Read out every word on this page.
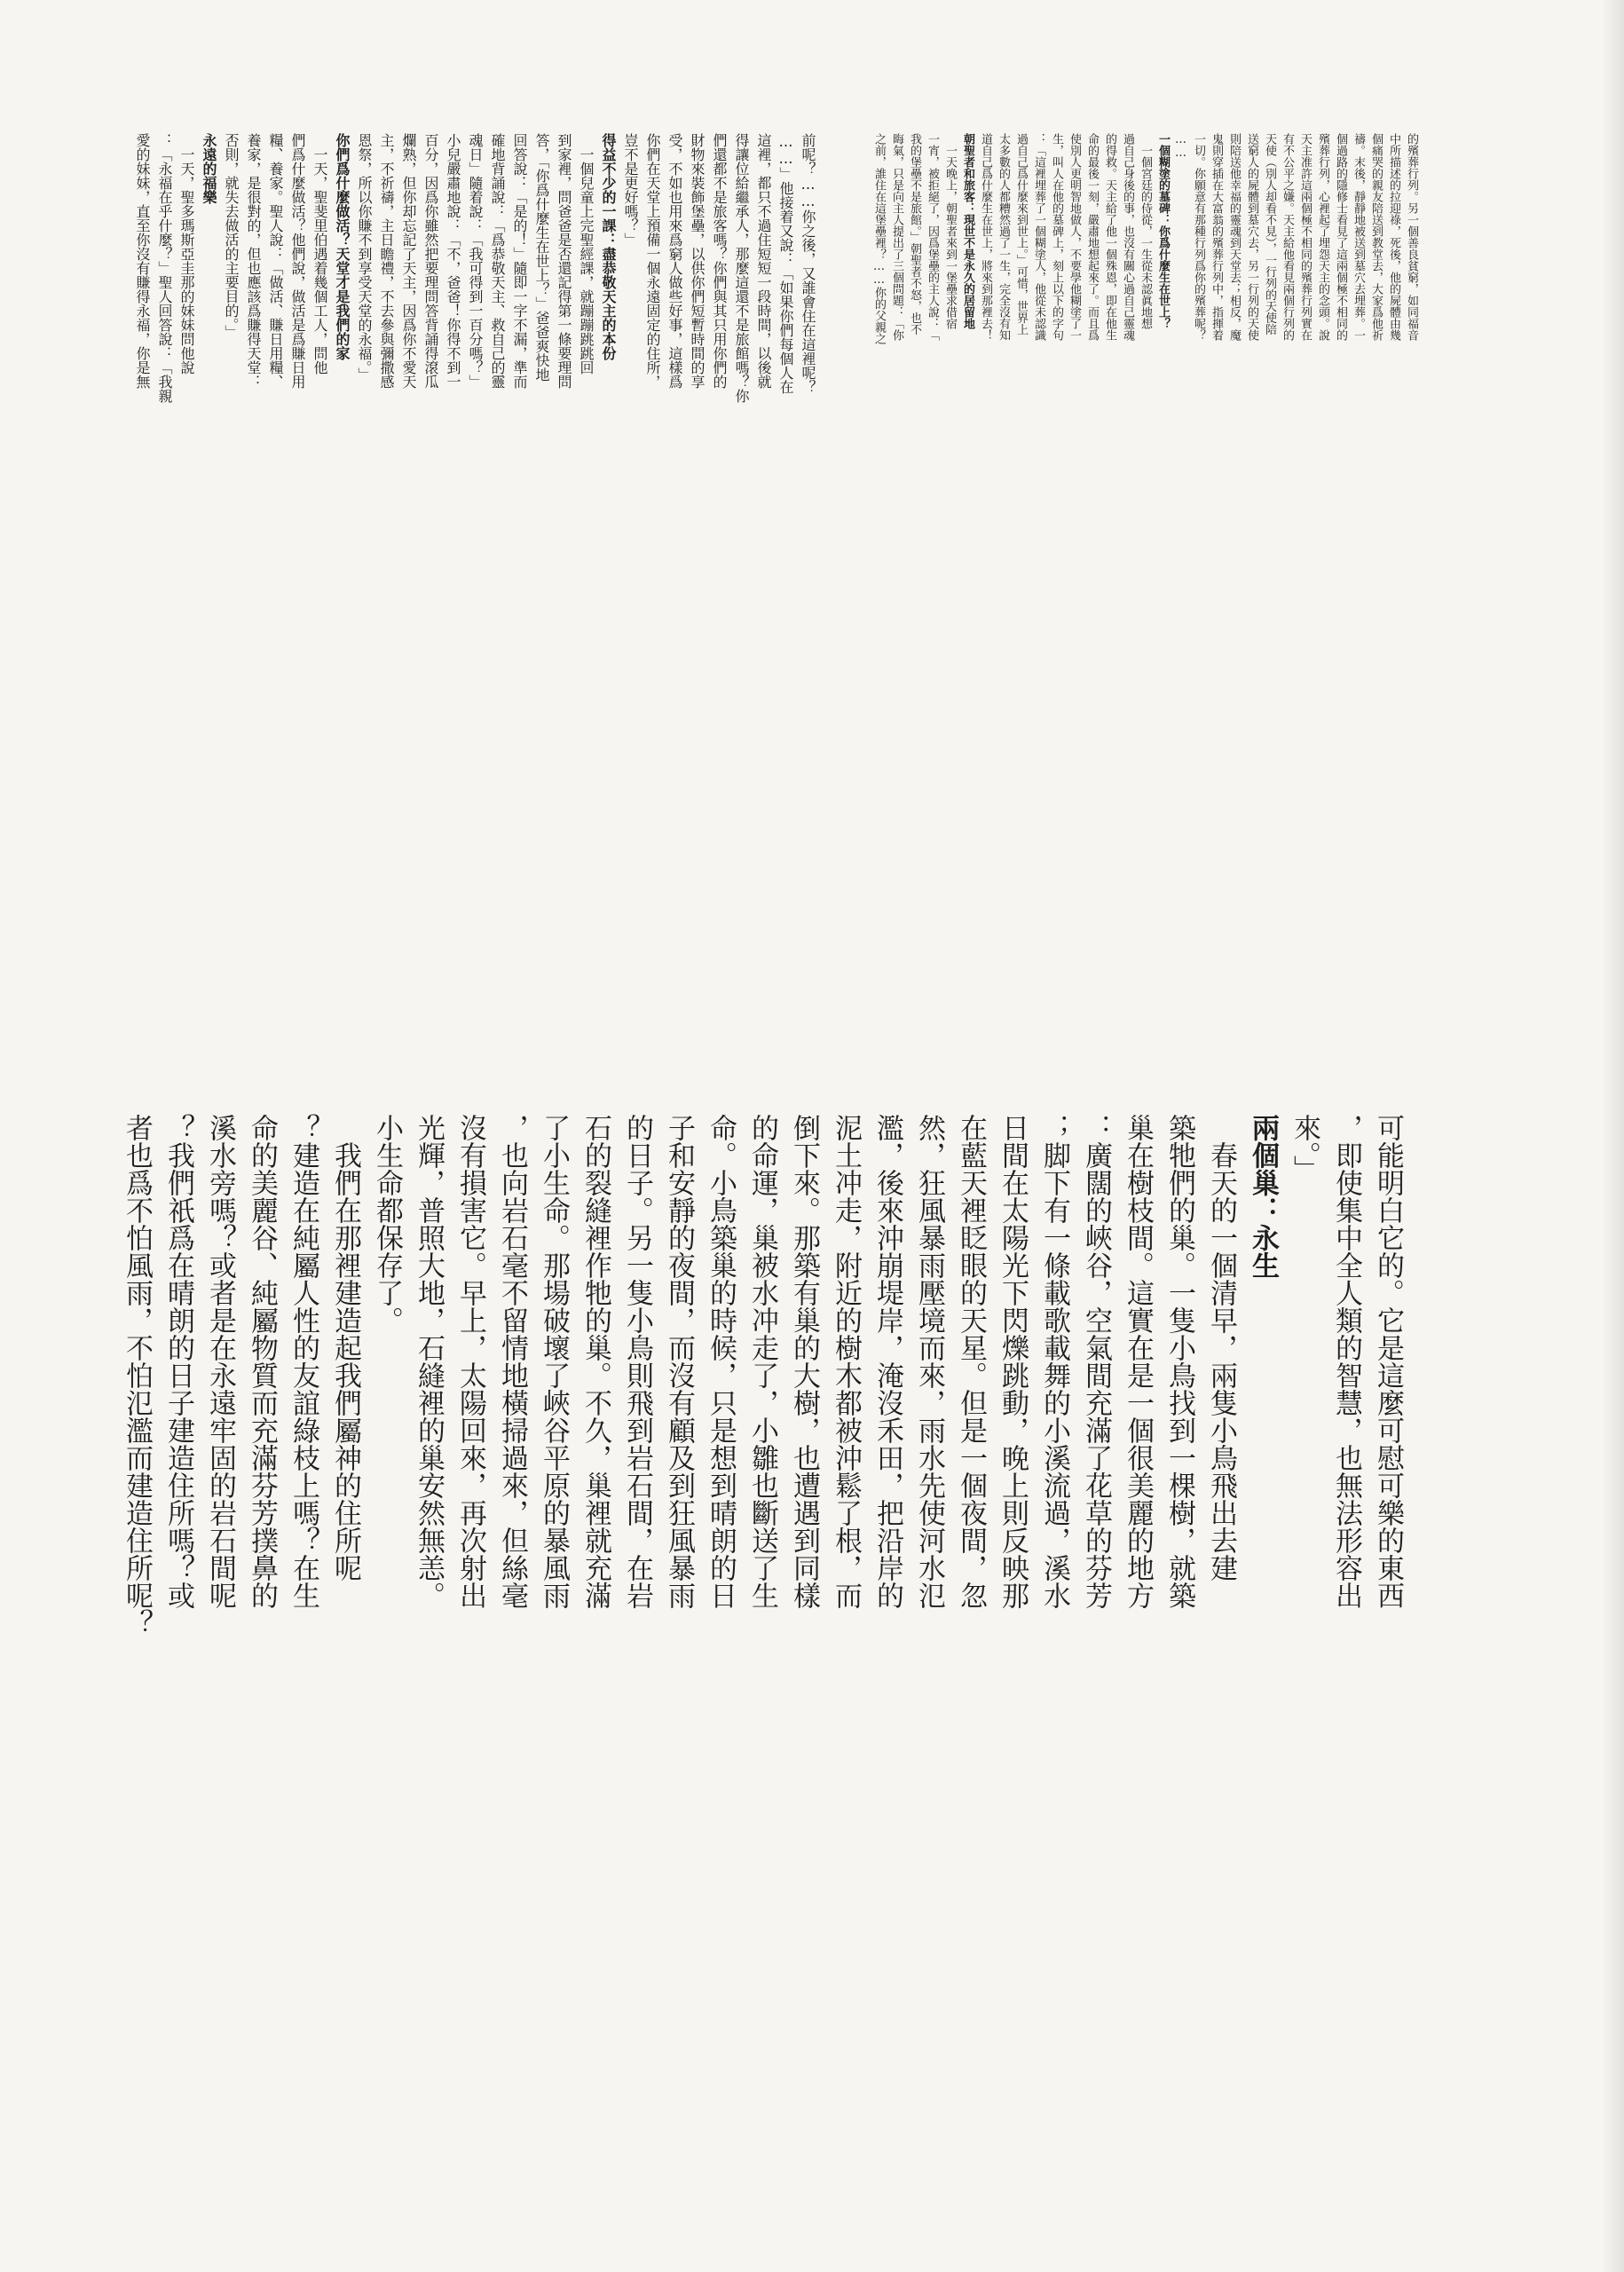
前呢？……你之後，又誰會住在這裡呢？
……」他接着又說：「如果你們每個人在
這裡，都只不過住短短一段時間，以後就
得讓位給繼承人，那麼這還不是旅館嗎？你
們還都不是旅客嗎？你們與其只用你們的
財物來裝飾堡壘，以供你們短暫時間的享
受，不如也用來爲窮人做些好事，這樣爲
你們在天堂上預備一個永遠固定的住所，
豈不是更好嗎？」
得益不少的一課：盡恭敬天主的本份
一個兒童上完聖經課，就蹦蹦跳跳回
到家裡，問爸爸是否還記得第一條要理問
答，「你爲什麼生在世上？」爸爸爽快地
回答說：「是的！」隨即一字不漏，準而
確地背誦說：「爲恭敬天主、救自己的靈
魂日」隨着說：「我可得到一百分嗎？」
小兒嚴肅地說：「不，爸爸！你得不到一
百分，因爲你雖然把要理問答背誦得滾瓜
爛熟，但你却忘記了天主，因爲你不愛天
主，不祈禱，主日瞻禮，不去參與彌撒感
恩祭，所以你賺不到享受天堂的永福。」
你們爲什麼做活？天堂才是我們的家
一天，聖斐里伯遇着幾個工人，問他
們爲什麼做活？他們說，做活是爲賺日用
糧、養家。聖人說：「做活、賺日用糧、
養家，是很對的，但也應該爲賺得天堂：
否則，就失去做活的主要目的。」
永遠的福樂
一天，聖多瑪斯亞圭那的妹妹問他說
：「永福在乎什麼？」聖人回答說：「我親
愛的妹妹，直至你沒有賺得永福，你是無	的殯葬行列。另一個善良貧窮，如同福音
中所描述的拉迎祿，死後，他的屍體由幾
個痛哭的親友陪送到教堂去，大家爲他祈
禱。末後，靜靜地被送到墓穴去埋葬。一
個過路的隱修士看見了這兩個極不相同的
殯葬行列，心裡起了埋怨天主的念頭。說
天主准許這兩個極不相同的殯葬行列實在
有不公平之嫌。天主給他看見兩個行列的
天使（別人却看不見），一行列的天使陪
送窮人的屍體到墓穴去，另一行列的天使
則陪送他幸福的靈魂到天堂去；相反，魔
鬼則穿插在大富翁的殯葬行列中，指揮着
一切。你願意有那種行列爲你的殯葬呢？
……
一個糊塗的墓碑：你爲什麼生在世上？
一個宮廷的侍從，一生從未認眞地想
過自己身後的事，也沒有關心過自己靈魂
的得救。天主給了他一個殊恩，即在他生
命的最後一刻，嚴肅地想起來了。而且爲
使別人更明智地做人，不要學他糊塗了一
生，叫人在他的墓碑上，刻上以下的字句
：「這裡埋葬了一個糊塗人，他從未認識
過自己爲什麼來到世上。」可惜，世界上
太多數的人都糟然過了一生，完全沒有知
道自己爲什麼生在世上，將來到那裡去！
朝聖者和旅客：現世不是永久的居留地
一天晚上，朝聖者來到一堡壘求借宿
一宵，被拒絕了，因爲堡壘的主人說：「
我的堡壘不是旅館。」朝聖者不怒，也不
晦氣，只是向主人提出了三個問題：「你
之前，誰住在這堡壘裡？……你的父親之
可能明白它的。它是這麼可慰可樂的東西
，即使集中全人類的智慧，也無法形容出
來。」
兩個巢：永生
春天的一個清早，兩隻小鳥飛出去建
築牠們的巢。一隻小鳥找到一棵樹，就築
巢在樹枝間。這實在是一個很美麗的地方
：廣闊的峽谷，空氣間充滿了花草的芬芳
；脚下有一條載歌載舞的小溪流過，溪水
日間在太陽光下閃爍跳動，晚上則反映那
在藍天裡眨眼的天星。但是一個夜間，忽
然，狂風暴雨壓境而來，雨水先使河水氾
濫，後來沖崩堤岸，淹沒禾田，把沿岸的
泥土冲走，附近的樹木都被沖鬆了根，而
倒下來。那築有巢的大樹，也遭遇到同樣
的命運，巢被水冲走了，小雛也斷送了生
命。小鳥築巢的時候，只是想到晴朗的日
子和安靜的夜間，而沒有顧及到狂風暴雨
的日子。另一隻小鳥則飛到岩石間，在岩
石的裂縫裡作牠的巢。不久，巢裡就充滿
了小生命。那場破壞了峽谷平原的暴風雨
，也向岩石毫不留情地橫掃過來，但絲毫
沒有損害它。早上，太陽回來，再次射出
光輝，普照大地，石縫裡的巢安然無恙。
小生命都保存了。
我們在那裡建造起我們屬神的住所呢
？建造在純屬人性的友誼綠枝上嗎？在生
命的美麗谷、純屬物質而充滿芬芳撲鼻的
溪水旁嗎？或者是在永遠牢固的岩石間呢
？我們祇爲在晴朗的日子建造住所嗎？或
者也爲不怕風雨，不怕氾濫而建造住所呢？
